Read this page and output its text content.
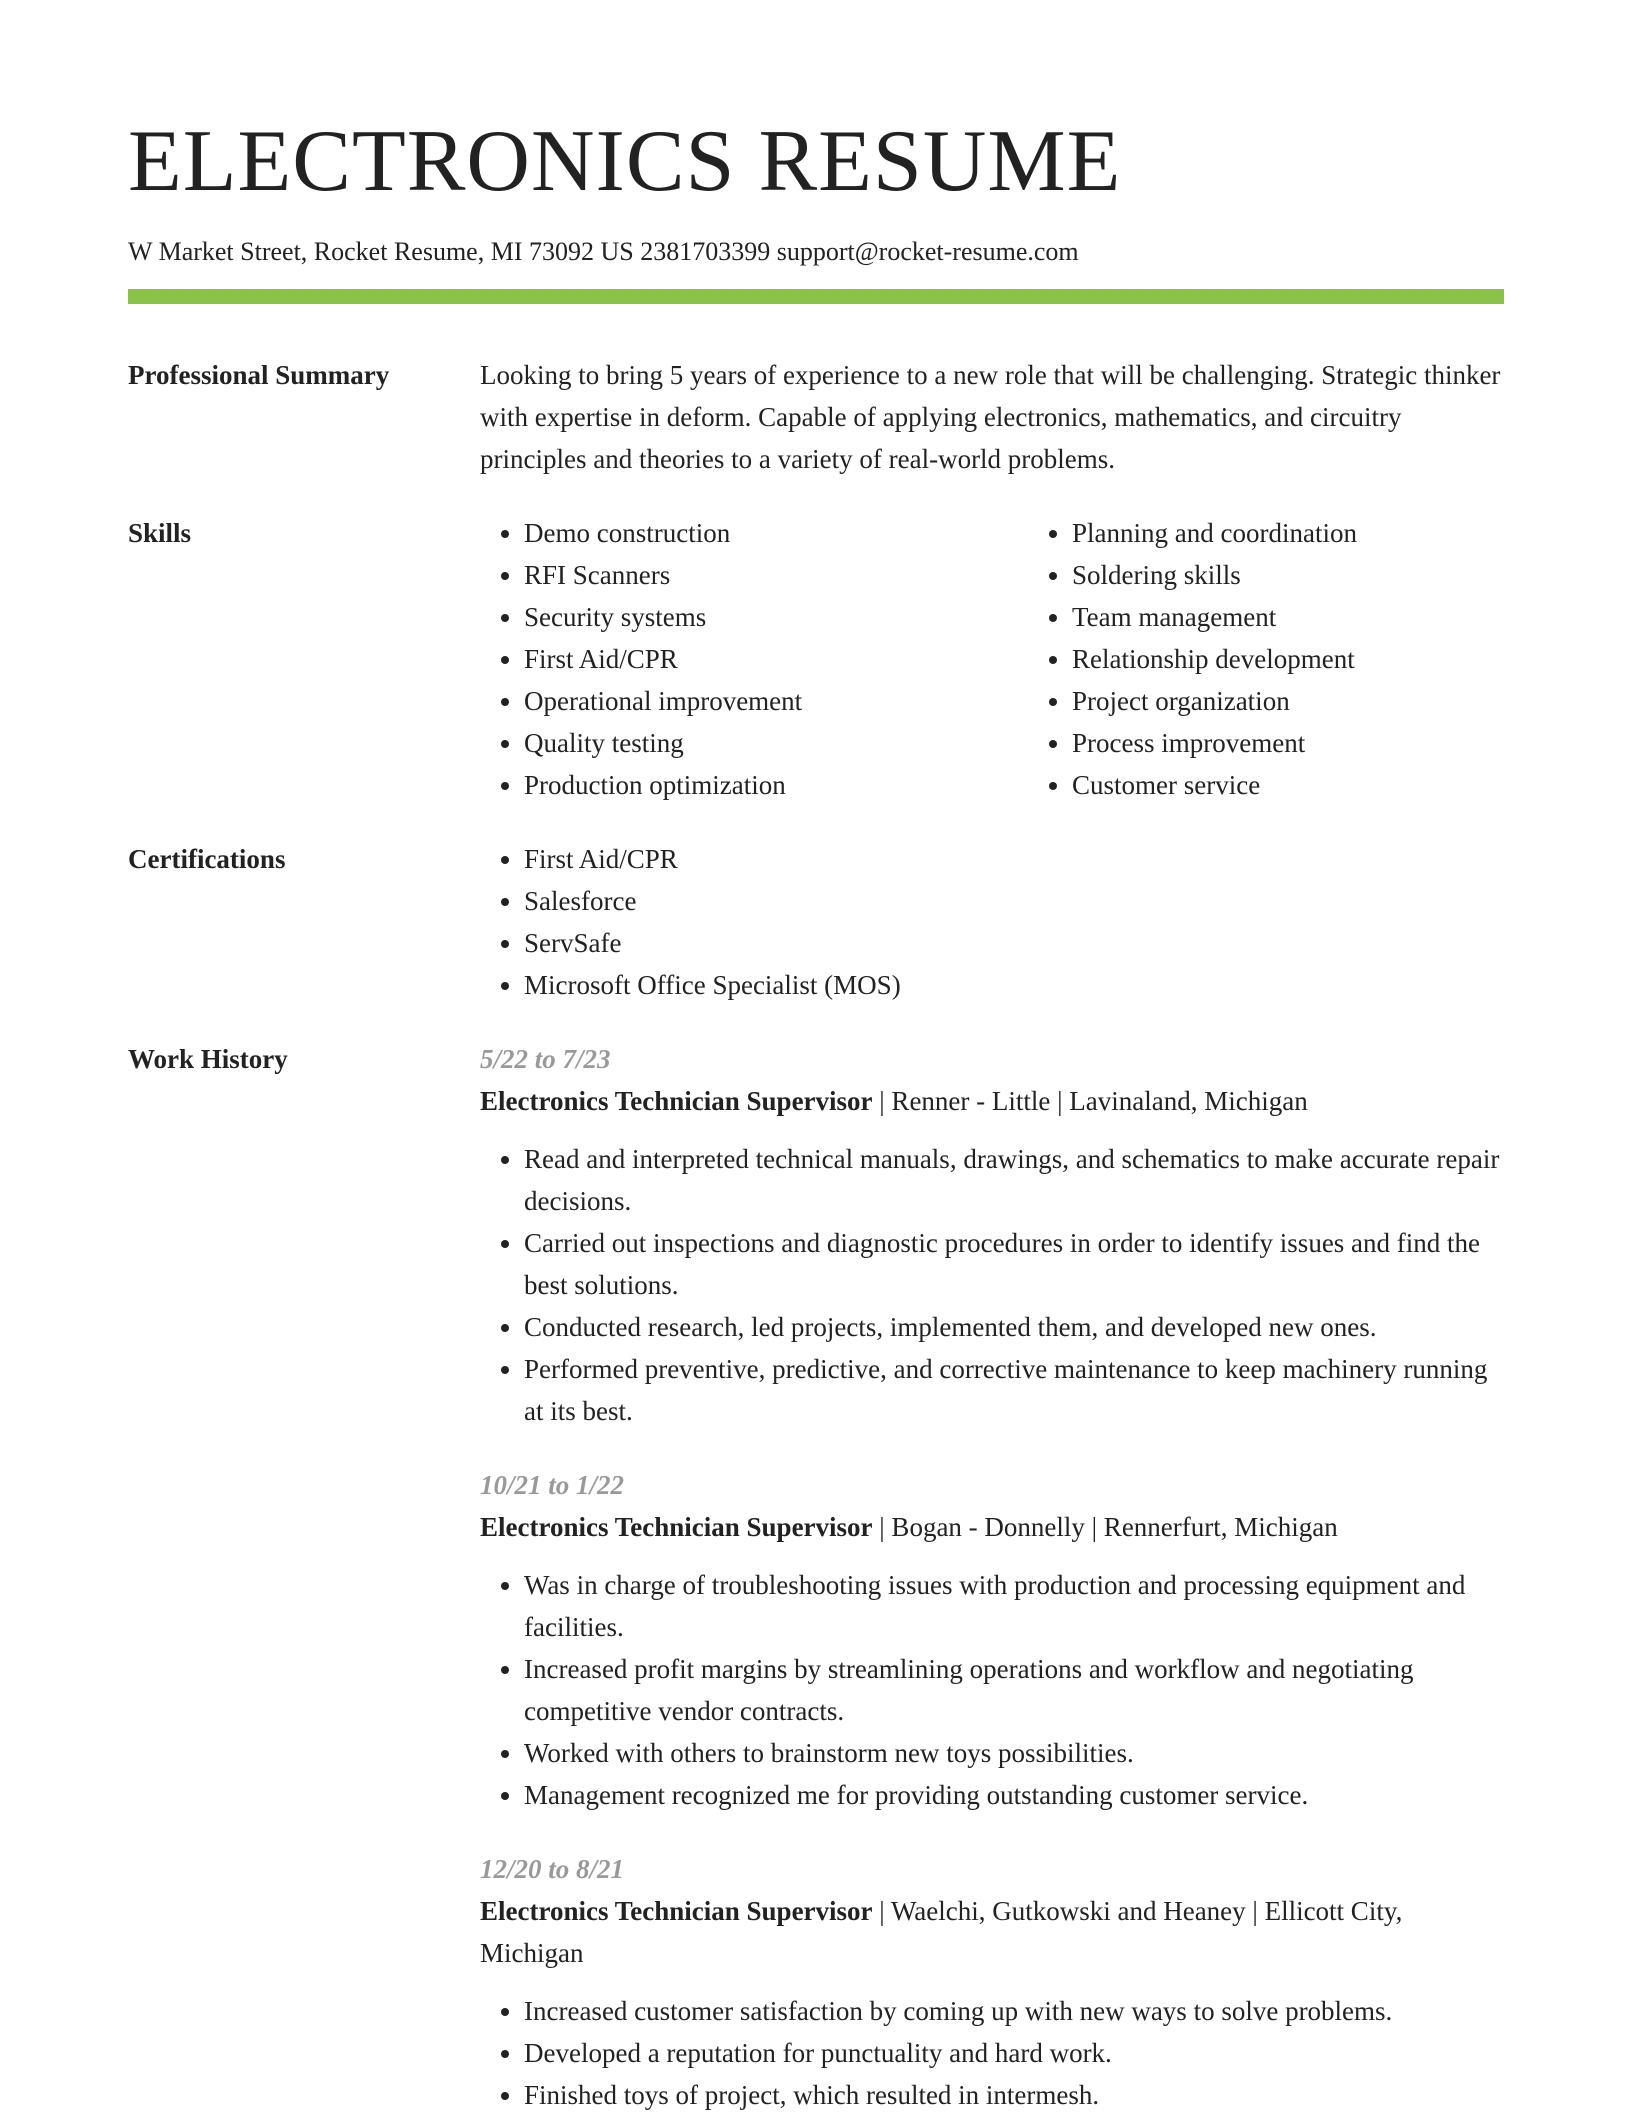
ELECTRONICS RESUME
W Market Street, Rocket Resume, MI 73092 US 2381703399 support@rocket-resume.com
Professional Summary	Looking to bring 5 years of experience to a new role that will be challenging. Strategic thinker with expertise in deform. Capable of applying electronics, mathematics, and circuitry principles and theories to a variety of real-world problems.
Skills	• Demo construction
• RFI Scanners
• Security systems
• First Aid/CPR
• Operational improvement
• Quality testing
• Production optimization
• Planning and coordination
• Soldering skills
• Team management
• Relationship development
• Project organization
• Process improvement
• Customer service
Certifications	• First Aid/CPR
• Salesforce
• ServSafe
• Microsoft Office Specialist (MOS)
Work History	5/22 to 7/23
Electronics Technician Supervisor | Renner - Little | Lavinaland, Michigan
• Read and interpreted technical manuals, drawings, and schematics to make accurate repair decisions.
• Carried out inspections and diagnostic procedures in order to identify issues and find the best solutions.
• Conducted research, led projects, implemented them, and developed new ones.
• Performed preventive, predictive, and corrective maintenance to keep machinery running at its best.
10/21 to 1/22
Electronics Technician Supervisor | Bogan - Donnelly | Rennerfurt, Michigan
• Was in charge of troubleshooting issues with production and processing equipment and facilities.
• Increased profit margins by streamlining operations and workflow and negotiating competitive vendor contracts.
• Worked with others to brainstorm new toys possibilities.
• Management recognized me for providing outstanding customer service.
12/20 to 8/21
Electronics Technician Supervisor | Waelchi, Gutkowski and Heaney | Ellicott City, Michigan
• Increased customer satisfaction by coming up with new ways to solve problems.
• Developed a reputation for punctuality and hard work.
• Finished toys of project, which resulted in intermesh.
